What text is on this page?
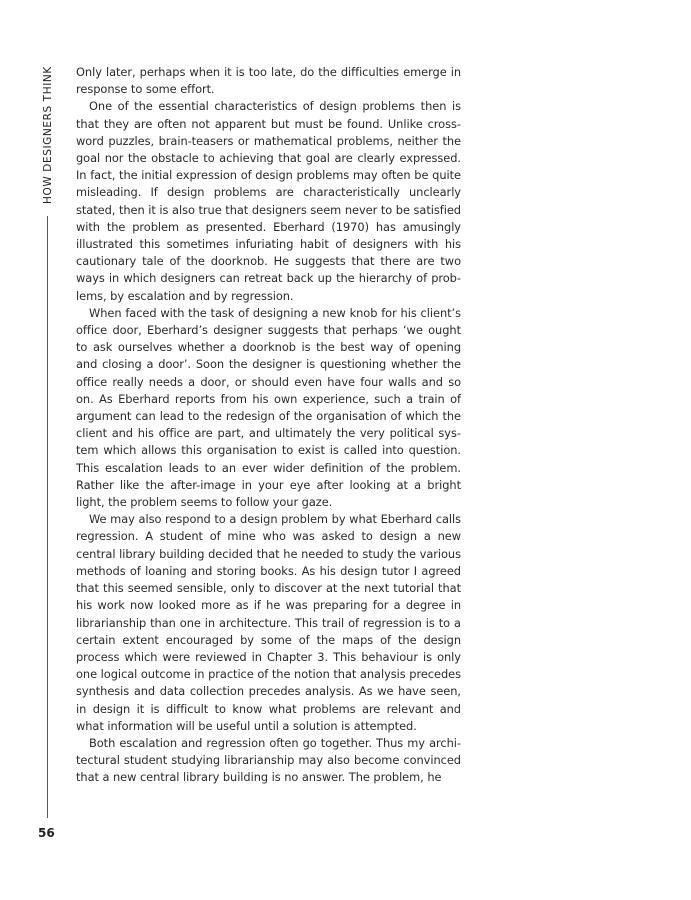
HOW DESIGNERS THINK
56

Only later, perhaps when it is too late, do the difficulties emerge in response to some effort.

One of the essential characteristics of design problems then is that they are often not apparent but must be found. Unlike crossword puzzles, brain-teasers or mathematical problems, neither the goal nor the obstacle to achieving that goal are clearly expressed. In fact, the initial expression of design problems may often be quite misleading. If design problems are characteristically unclearly stated, then it is also true that designers seem never to be satisfied with the problem as presented. Eberhard (1970) has amusingly illustrated this sometimes infuriating habit of designers with his cautionary tale of the doorknob. He suggests that there are two ways in which designers can retreat back up the hierarchy of problems, by escalation and by regression.

When faced with the task of designing a new knob for his client’s office door, Eberhard’s designer suggests that perhaps ‘we ought to ask ourselves whether a doorknob is the best way of opening and closing a door’. Soon the designer is questioning whether the office really needs a door, or should even have four walls and so on. As Eberhard reports from his own experience, such a train of argument can lead to the redesign of the organisation of which the client and his office are part, and ultimately the very political system which allows this organisation to exist is called into question. This escalation leads to an ever wider definition of the problem. Rather like the after-image in your eye after looking at a bright light, the problem seems to follow your gaze.

We may also respond to a design problem by what Eberhard calls regression. A student of mine who was asked to design a new central library building decided that he needed to study the various methods of loaning and storing books. As his design tutor I agreed that this seemed sensible, only to discover at the next tutorial that his work now looked more as if he was preparing for a degree in librarianship than one in architecture. This trail of regression is to a certain extent encouraged by some of the maps of the design process which were reviewed in Chapter 3. This behaviour is only one logical outcome in practice of the notion that analysis precedes synthesis and data collection precedes analysis. As we have seen, in design it is difficult to know what problems are relevant and what information will be useful until a solution is attempted.

Both escalation and regression often go together. Thus my architectural student studying librarianship may also become convinced that a new central library building is no answer. The problem, he
